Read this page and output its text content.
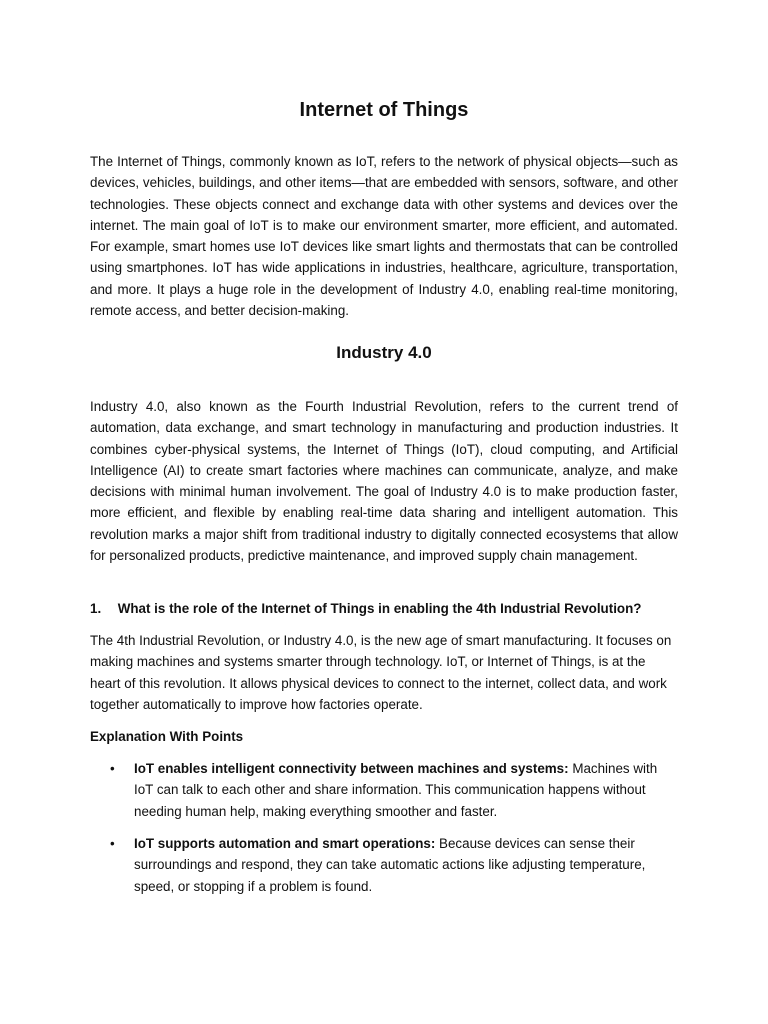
Internet of Things

The Internet of Things, commonly known as IoT, refers to the network of physical objects—such as devices, vehicles, buildings, and other items—that are embedded with sensors, software, and other technologies. These objects connect and exchange data with other systems and devices over the internet. The main goal of IoT is to make our environment smarter, more efficient, and automated. For example, smart homes use IoT devices like smart lights and thermostats that can be controlled using smartphones. IoT has wide applications in industries, healthcare, agriculture, transportation, and more. It plays a huge role in the development of Industry 4.0, enabling real-time monitoring, remote access, and better decision-making.

Industry 4.0

Industry 4.0, also known as the Fourth Industrial Revolution, refers to the current trend of automation, data exchange, and smart technology in manufacturing and production industries. It combines cyber-physical systems, the Internet of Things (IoT), cloud computing, and Artificial Intelligence (AI) to create smart factories where machines can communicate, analyze, and make decisions with minimal human involvement. The goal of Industry 4.0 is to make production faster, more efficient, and flexible by enabling real-time data sharing and intelligent automation. This revolution marks a major shift from traditional industry to digitally connected ecosystems that allow for personalized products, predictive maintenance, and improved supply chain management.

1. What is the role of the Internet of Things in enabling the 4th Industrial Revolution?

The 4th Industrial Revolution, or Industry 4.0, is the new age of smart manufacturing. It focuses on making machines and systems smarter through technology. IoT, or Internet of Things, is at the heart of this revolution. It allows physical devices to connect to the internet, collect data, and work together automatically to improve how factories operate.

Explanation With Points

• IoT enables intelligent connectivity between machines and systems: Machines with IoT can talk to each other and share information. This communication happens without needing human help, making everything smoother and faster.
• IoT supports automation and smart operations: Because devices can sense their surroundings and respond, they can take automatic actions like adjusting temperature, speed, or stopping if a problem is found.
